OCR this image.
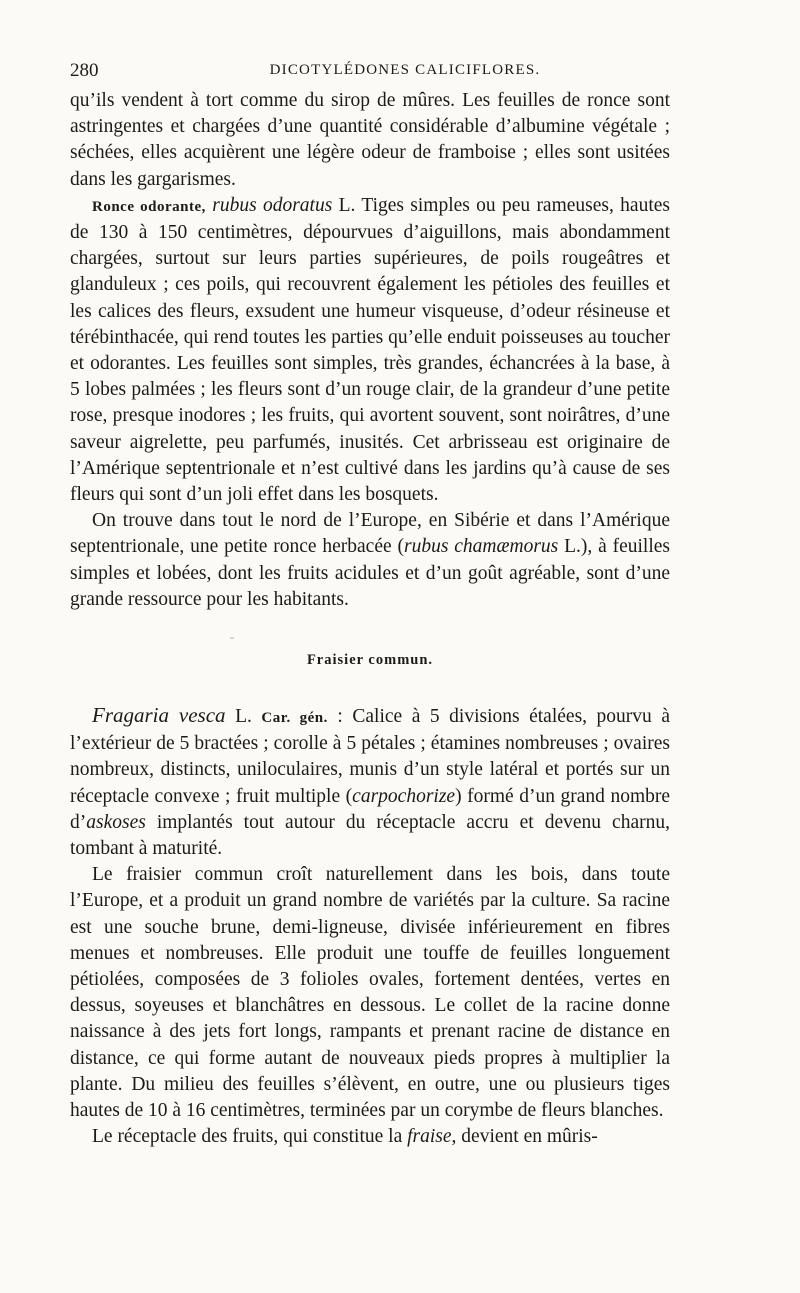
280	DICOTYLÉDONES CALICIFLORES.

qu’ils vendent à tort comme du sirop de mûres. Les feuilles de ronce sont astringentes et chargées d’une quantité considérable d’albumine végétale ; séchées, elles acquièrent une légère odeur de framboise ; elles sont usitées dans les gargarismes.

Ronce odorante, rubus odoratus L. Tiges simples ou peu rameuses, hautes de 130 à 150 centimètres, dépourvues d’aiguillons, mais abondamment chargées, surtout sur leurs parties supérieures, de poils rougeâtres et glanduleux ; ces poils, qui recouvrent également les pétioles des feuilles et les calices des fleurs, exsudent une humeur visqueuse, d’odeur résineuse et térébinthacée, qui rend toutes les parties qu’elle enduit poisseuses au toucher et odorantes. Les feuilles sont simples, très grandes, échancrées à la base, à 5 lobes palmées ; les fleurs sont d’un rouge clair, de la grandeur d’une petite rose, presque inodores ; les fruits, qui avortent souvent, sont noirâtres, d’une saveur aigrelette, peu parfumés, inusités. Cet arbrisseau est originaire de l’Amérique septentrionale et n’est cultivé dans les jardins qu’à cause de ses fleurs qui sont d’un joli effet dans les bosquets.

On trouve dans tout le nord de l’Europe, en Sibérie et dans l’Amérique septentrionale, une petite ronce herbacée (rubus chamæmorus L.), à feuilles simples et lobées, dont les fruits acidules et d’un goût agréable, sont d’une grande ressource pour les habitants.

Fraisier commun.

Fragaria vesca L. Car. gén. : Calice à 5 divisions étalées, pourvu à l’extérieur de 5 bractées ; corolle à 5 pétales ; étamines nombreuses ; ovaires nombreux, distincts, uniloculaires, munis d’un style latéral et portés sur un réceptacle convexe ; fruit multiple (carpochorize) formé d’un grand nombre d’askoses implantés tout autour du réceptacle accru et devenu charnu, tombant à maturité.

Le fraisier commun croît naturellement dans les bois, dans toute l’Europe, et a produit un grand nombre de variétés par la culture. Sa racine est une souche brune, demi-ligneuse, divisée inférieurement en fibres menues et nombreuses. Elle produit une touffe de feuilles longuement pétiolées, composées de 3 folioles ovales, fortement dentées, vertes en dessus, soyeuses et blanchâtres en dessous. Le collet de la racine donne naissance à des jets fort longs, rampants et prenant racine de distance en distance, ce qui forme autant de nouveaux pieds propres à multiplier la plante. Du milieu des feuilles s’élèvent, en outre, une ou plusieurs tiges hautes de 10 à 16 centimètres, terminées par un corymbe de fleurs blanches.

Le réceptacle des fruits, qui constitue la fraise, devient en mûris-
